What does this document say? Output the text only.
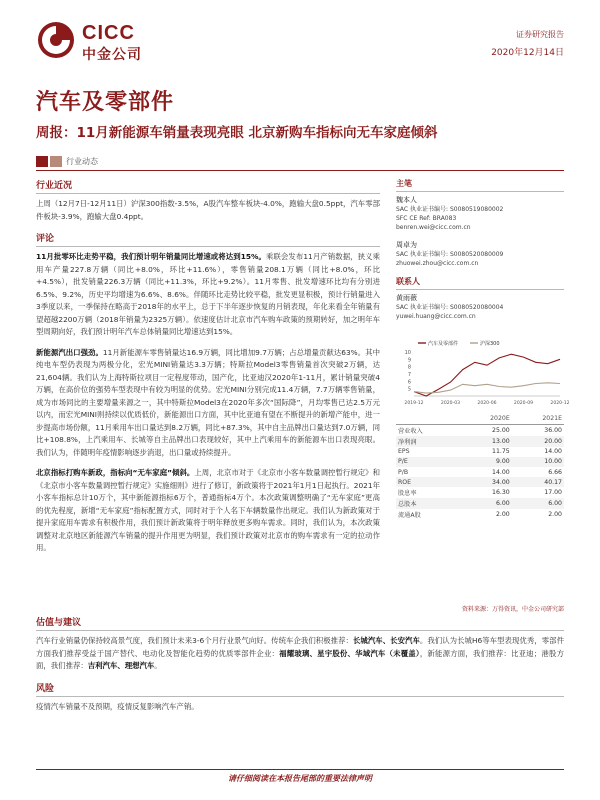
CICC
中金公司
证券研究报告
2020年12月14日
汽车及零部件
周报：11月新能源车销量表现亮眼 北京新购车指标向无车家庭倾斜
行业动态
行业近况
上周（12月7日-12月11日）沪深300指数-3.5%，A股汽车整车板块-4.0%，跑输大盘0.5ppt，汽车零部件板块-3.9%，跑输大盘0.4ppt。
评论
11月批零环比走势平稳，我们预计明年销量同比增速或将达到15%。乘联会发布11月产销数据，狭义乘用车产量227.8万辆（同比+8.0%，环比+11.6%），零售销量208.1万辆（同比+8.0%，环比+4.5%），批发销量226.3万辆（同比+11.3%，环比+9.2%）。11月零售、批发增速环比均有分别进6.5%、9.2%，历史平均增速为6.6%、8.6%。伴随环比走势比较平稳，批发更显积极，预计行销量进入3季度以来，一季保持在略高于2018年的水平上，总于下半年逐步恢复的月销表现，年化来看全年销量有望超越2200万辆（2018年销量为2325万辆）。依速度估计北京市汽车购车政策的预期转好，加之明年车型周期向好，我们预计明年汽车总体销量同比增速达到15%。
新能源汽出口强劲。11月新能源车零售销量达16.9万辆，同比增加9.7万辆；占总增量贡献达63%。其中纯电车型仍表现为两极分化，宏光MINI销量达3.3万辆；特斯拉Model3零售销量首次突破2万辆，达21,604辆。我们认为上海特斯拉项目一定程度带动，国产化，比亚迪汉2020年1-11月，累计销量突破4万辆，在高价位的强势车型表现中有较为明显的优势。宏光MINI分别完成11.4万辆，7.7万辆零售销量，成为市场同比的主要增量来源之一，其中特斯拉Model3在2020年多次“国际降”，月均零售已达2.5万元以内，而宏光MINI则持续以优质低价，新能源出口方面，其中比亚迪有望在不断提升的新增产能中，进一步提高市场份额，11月乘用车出口量达到8.2万辆，同比+87.3%，其中自主品牌出口量达到7.0万辆，同比+108.8%，上汽乘用车、长城等自主品牌出口表现较好，其中上汽乘用车的新能源车出口表现亮眼。我们认为，伴随明年疫情影响逐步消退，出口量或持续提升。
北京指标打购车新政，指标向“无车家庭”倾斜。上周，北京市对于《北京市小客车数量调控暂行规定》和《北京市小客车数量调控暂行规定》实施细则》进行了修订，新政策将于2021年1月1日起执行。2021年小客车指标总计10万个，其中新能源指标6万个，普通指标4万个。本次政策调整明确了“无车家庭”更高的优先程度，新增“无车家庭”指标配置方式，同时对于个人名下车辆数量作出规定。我们认为新政策对于提升家庭用车需求有积极作用，我们预计新政策将于明年释放更多购车需求。同时，我们认为，本次政策调整对北京地区新能源汽车销量的提升作用更为明显，我们预计政策对北京市的购车需求有一定的拉动作用。
主笔
魏本人
SAC 执业证书编号: S0080519080002
SFC CE Ref: BRA083
benren.wei@cicc.com.cn
周卓为
SAC 执业证书编号: S0080520080009
zhuowei.zhou@cicc.com.cn
联系人
黄雨薇
SAC 执业证书编号: S0080520080004
yuwei.huang@cicc.com.cn
10
9
8
7
6
5
2019-12	2020-03	2020-06	2020-09	2020-12
汽车及零部件	沪深300
	2020E	2021E
营业收入	25.00	36.00
净利润	13.00	20.00
EPS	11.75	14.00
P/E	9.00	10.00
P/B	14.00	6.66
ROE	34.00	40.17
股息率	16.30	17.00
总股本	6.00	6.00
流通A股	2.00	2.00
资料来源：万得资讯，中金公司研究部
估值与建议
汽车行业销量仍保持较高景气度，我们预计未来3-6个月行业景气向好。传统车企我们积极推荐：长城汽车、长安汽车。我们认为长城H6等车型表现优秀，零部件方面我们推荐受益于国产替代、电动化及智能化趋势的优质零部件企业：福耀玻璃、星宇股份、华域汽车（未覆盖），新能源方面，我们推荐：比亚迪；港股方面，我们推荐：吉利汽车、理想汽车。
风险
疫情汽车销量不及预期，疫情反复影响汽车产销。
请仔细阅读在本报告尾部的重要法律声明
